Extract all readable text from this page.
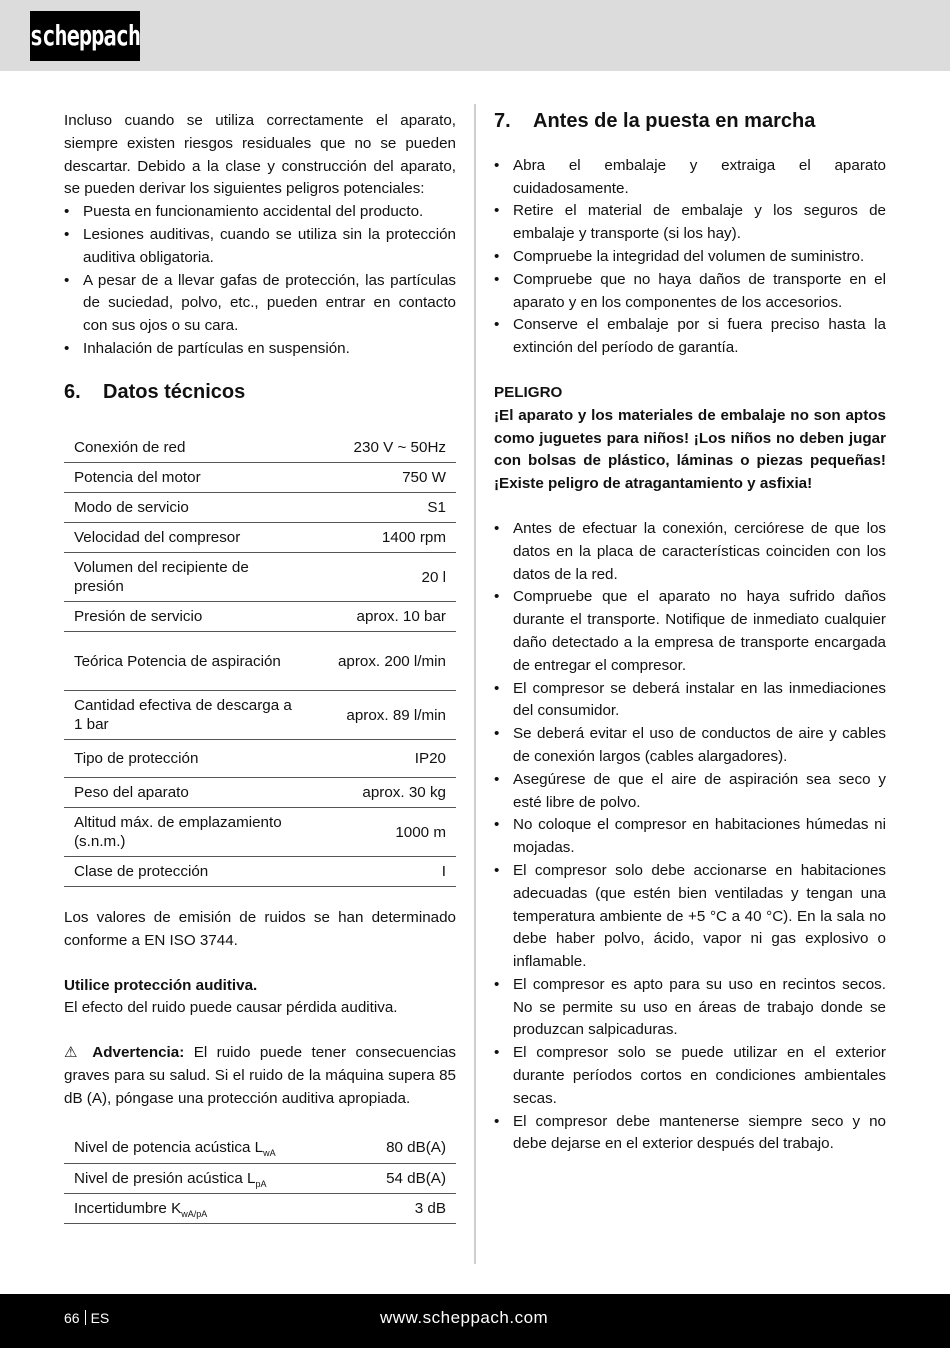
scheppach

Incluso cuando se utiliza correctamente el aparato, siempre existen riesgos residuales que no se pueden descartar. Debido a la clase y construcción del aparato, se pueden derivar los siguientes peligros potenciales:

• Puesta en funcionamiento accidental del producto.
• Lesiones auditivas, cuando se utiliza sin la protección auditiva obligatoria.
• A pesar de a llevar gafas de protección, las partículas de suciedad, polvo, etc., pueden entrar en contacto con sus ojos o su cara.
• Inhalación de partículas en suspensión.
6.	Datos técnicos
Conexión de red	230 V ~ 50Hz
Potencia del motor	750 W
Modo de servicio	S1
Velocidad del compresor	1400 rpm
Volumen del recipiente de presión	20 l
Presión de servicio	aprox. 10 bar
Teórica Potencia de aspiración	aprox. 200 l/min
Cantidad efectiva de descarga a 1 bar	aprox. 89 l/min
Tipo de protección	IP20
Peso del aparato	aprox. 30 kg
Altitud máx. de emplazamiento (s.n.m.)	1000 m
Clase de protección	I

Los valores de emisión de ruidos se han determinado conforme a EN ISO 3744.

Utilice protección auditiva.

El efecto del ruido puede causar pérdida auditiva.

⚠ Advertencia: El ruido puede tener consecuencias graves para su salud. Si el ruido de la máquina supera 85 dB (A), póngase una protección auditiva apropiada.

Nivel de potencia acústica $L_{wA}$	80 dB(A)
Nivel de presión acústica $L_{pA}$	54 dB(A)
Incertidumbre $K_{wA/pA}$	3 dB
7.	Antes de la puesta en marcha
• Abra el embalaje y extraiga el aparato cuidadosamente.
• Retire el material de embalaje y los seguros de embalaje y transporte (si los hay).
• Compruebe la integridad del volumen de suministro.
• Compruebe que no haya daños de transporte en el aparato y en los componentes de los accesorios.
• Conserve el embalaje por si fuera preciso hasta la extinción del período de garantía.

PELIGRO

¡El aparato y los materiales de embalaje no son aptos como juguetes para niños! ¡Los niños no deben jugar con bolsas de plástico, láminas o piezas pequeñas! ¡Existe peligro de atragantamiento y asfixia!

• Antes de efectuar la conexión, cerciórese de que los datos en la placa de características coinciden con los datos de la red.
• Compruebe que el aparato no haya sufrido daños durante el transporte. Notifique de inmediato cualquier daño detectado a la empresa de transporte encargada de entregar el compresor.
• El compresor se deberá instalar en las inmediaciones del consumidor.
• Se deberá evitar el uso de conductos de aire y cables de conexión largos (cables alargadores).
• Asegúrese de que el aire de aspiración sea seco y esté libre de polvo.
• No coloque el compresor en habitaciones húmedas ni mojadas.
• El compresor solo debe accionarse en habitaciones adecuadas (que estén bien ventiladas y tengan una temperatura ambiente de +5 °C a 40 °C). En la sala no debe haber polvo, ácido, vapor ni gas explosivo o inflamable.
• El compresor es apto para su uso en recintos secos. No se permite su uso en áreas de trabajo donde se produzcan salpicaduras.
• El compresor solo se puede utilizar en el exterior durante períodos cortos en condiciones ambientales secas.
• El compresor debe mantenerse siempre seco y no debe dejarse en el exterior después del trabajo.
66 ES	www.scheppach.com
